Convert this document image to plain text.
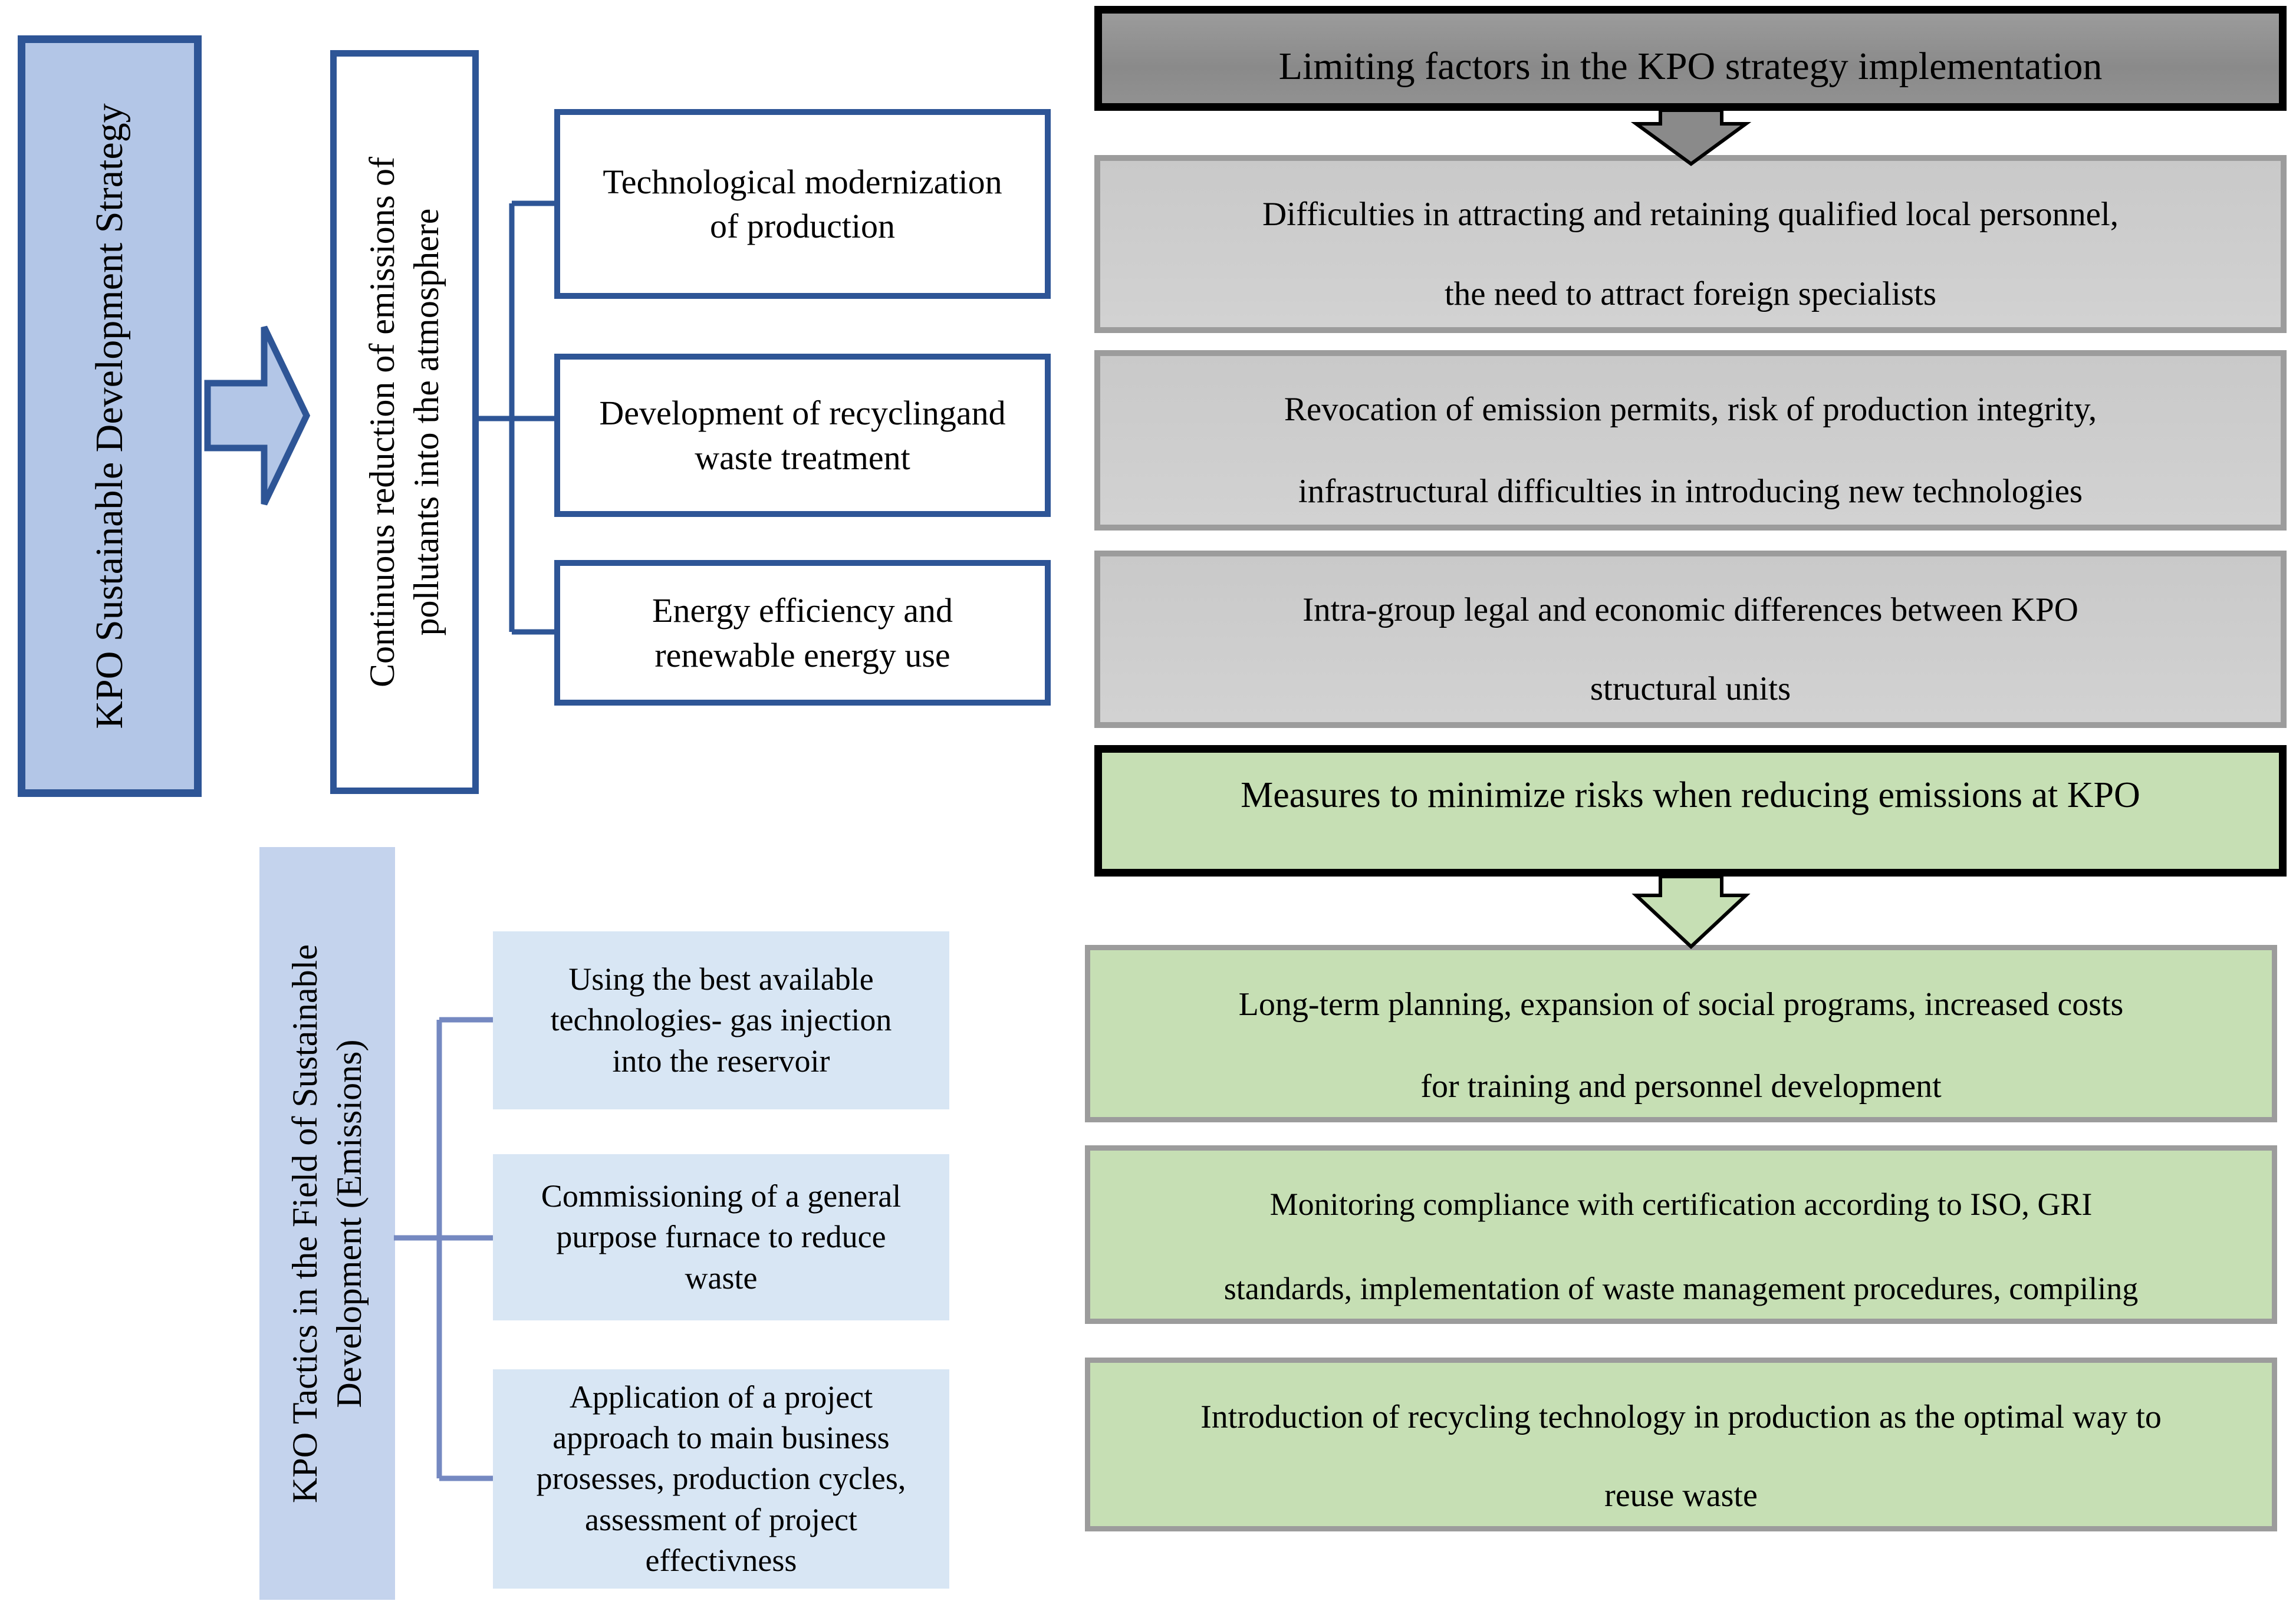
KPO Sustainable Development Strategy	Continuous reduction of emissions of pollutants into the atmosphere
Technological modernization
of production
Development of recyclingand
waste treatment
Energy efficiency and
renewable energy use
KPO Tactics in the Field of Sustainable Development (Emissions)
Using the best available
technologies- gas injection
into the reservoir
Commissioning of a general
purpose furnace to reduce
waste
Application of a project
approach to main business
prosesses, production cycles,
assessment of project
effectivness
Limiting factors in the KPO strategy implementation
Difficulties in attracting and retaining qualified local personnel,
the need to attract foreign specialists
Revocation of emission permits, risk of production integrity,
infrastructural difficulties in introducing new technologies
Intra-group legal and economic differences between KPO
structural units
Measures to minimize risks when reducing emissions at KPO
Long-term planning, expansion of social programs, increased costs
for training and personnel development
Monitoring compliance with certification according to ISO, GRI
standards, implementation of waste management procedures, compiling
Introduction of recycling technology in production as the optimal way to
reuse waste
